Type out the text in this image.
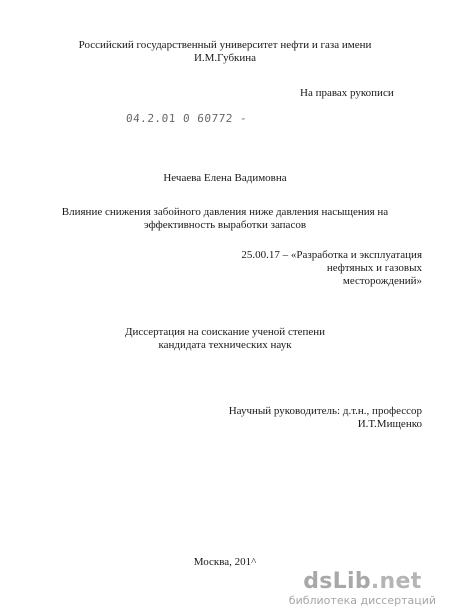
Российский государственный университет нефти и газа имени
И.М.Губкина
На правах рукописи
04.2.01 0 60772 -
Нечаева Елена Вадимовна
Влияние снижения забойного давления ниже давления насыщения на
эффективность выработки запасов
25.00.17 – «Разработка и эксплуатация
нефтяных и газовых
месторождений»
Диссертация на соискание ученой степени
кандидата технических наук
Научный руководитель: д.т.н., профессор
И.Т.Мищенко
Москва, 201^
dsLib.net
библиотека диссертаций
